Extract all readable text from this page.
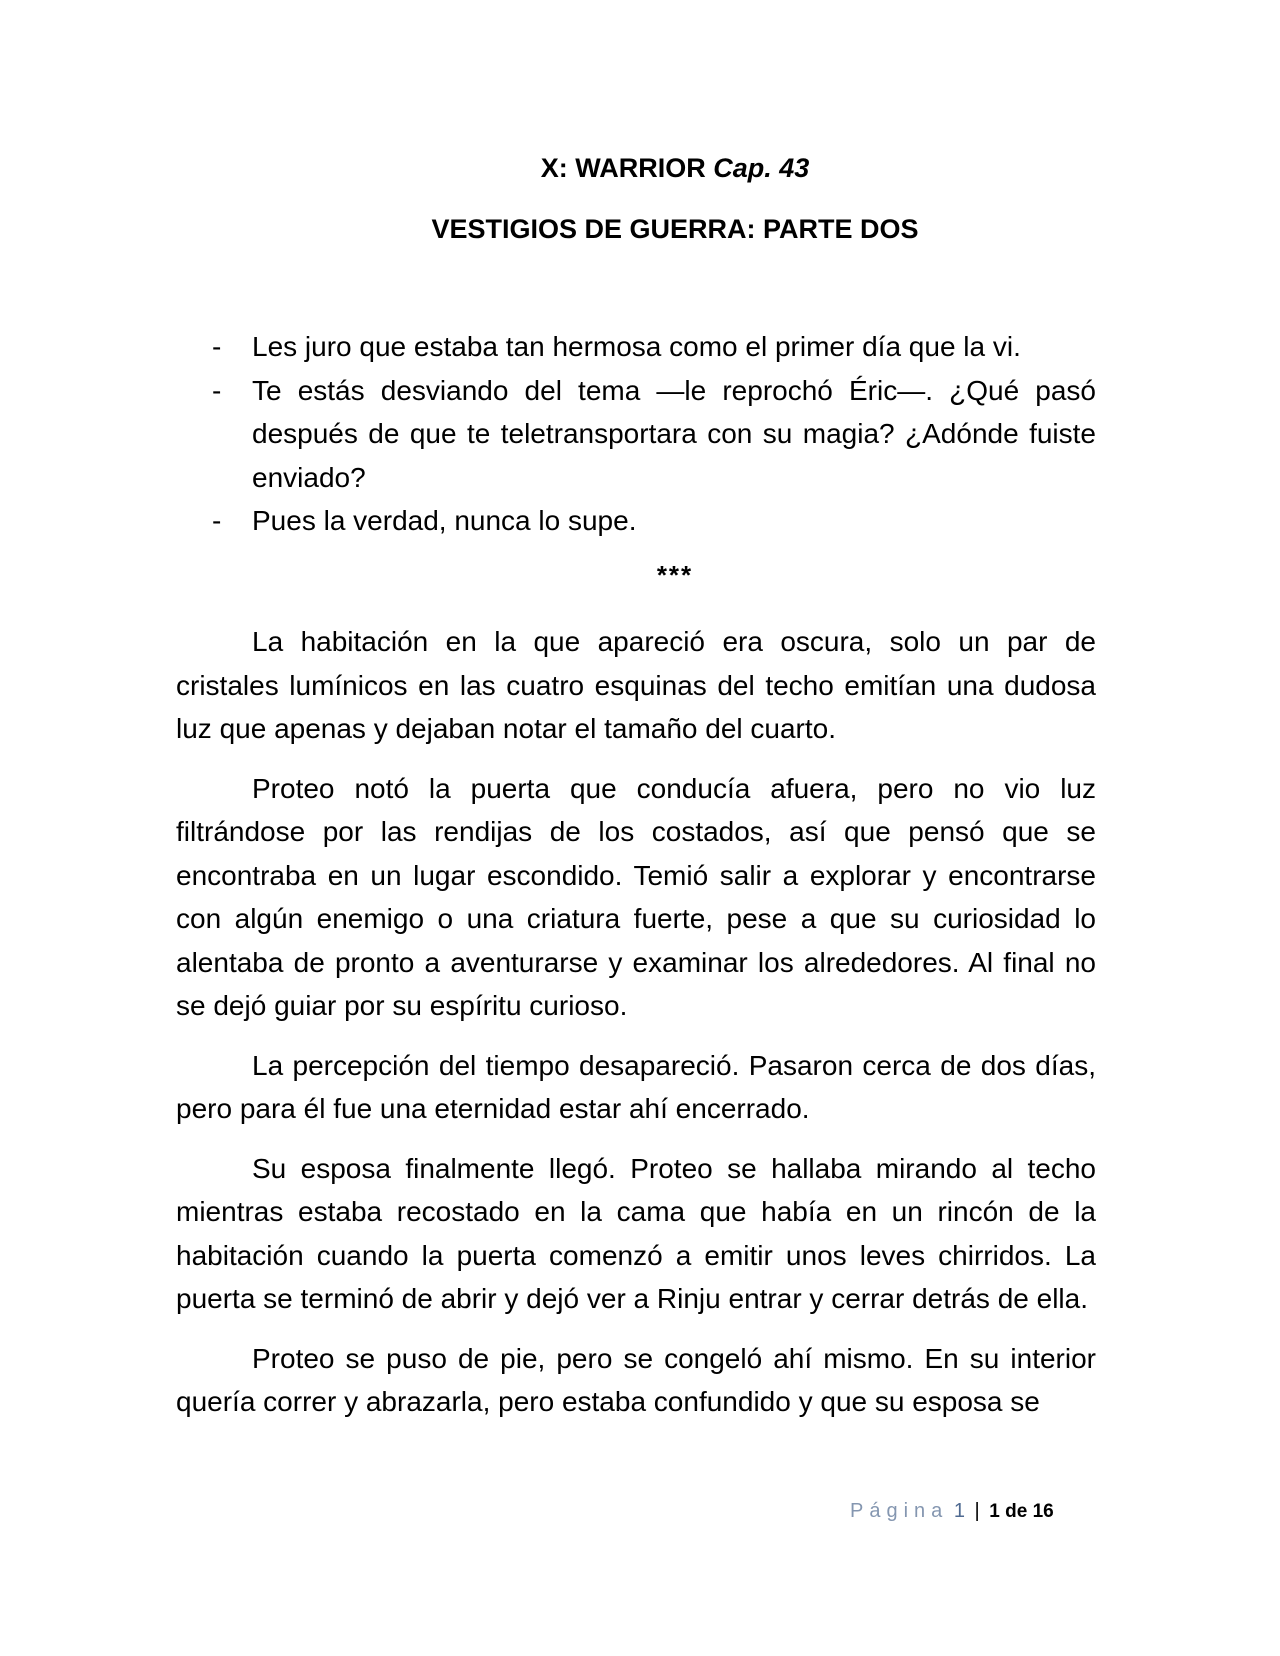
X: WARRIOR Cap. 43
VESTIGIOS DE GUERRA: PARTE DOS
- Les juro que estaba tan hermosa como el primer día que la vi.
- Te estás desviando del tema —le reprochó Éric—. ¿Qué pasó después de que te teletransportara con su magia? ¿Adónde fuiste enviado?
- Pues la verdad, nunca lo supe.
***

La habitación en la que apareció era oscura, solo un par de cristales lumínicos en las cuatro esquinas del techo emitían una dudosa luz que apenas y dejaban notar el tamaño del cuarto.

Proteo notó la puerta que conducía afuera, pero no vio luz filtrándose por las rendijas de los costados, así que pensó que se encontraba en un lugar escondido. Temió salir a explorar y encontrarse con algún enemigo o una criatura fuerte, pese a que su curiosidad lo alentaba de pronto a aventurarse y examinar los alrededores. Al final no se dejó guiar por su espíritu curioso.

La percepción del tiempo desapareció. Pasaron cerca de dos días, pero para él fue una eternidad estar ahí encerrado.

Su esposa finalmente llegó. Proteo se hallaba mirando al techo mientras estaba recostado en la cama que había en un rincón de la habitación cuando la puerta comenzó a emitir unos leves chirridos. La puerta se terminó de abrir y dejó ver a Rinju entrar y cerrar detrás de ella.

Proteo se puso de pie, pero se congeló ahí mismo. En su interior quería correr y abrazarla, pero estaba confundido y que su esposa se

Página 1 | 1 de 16
